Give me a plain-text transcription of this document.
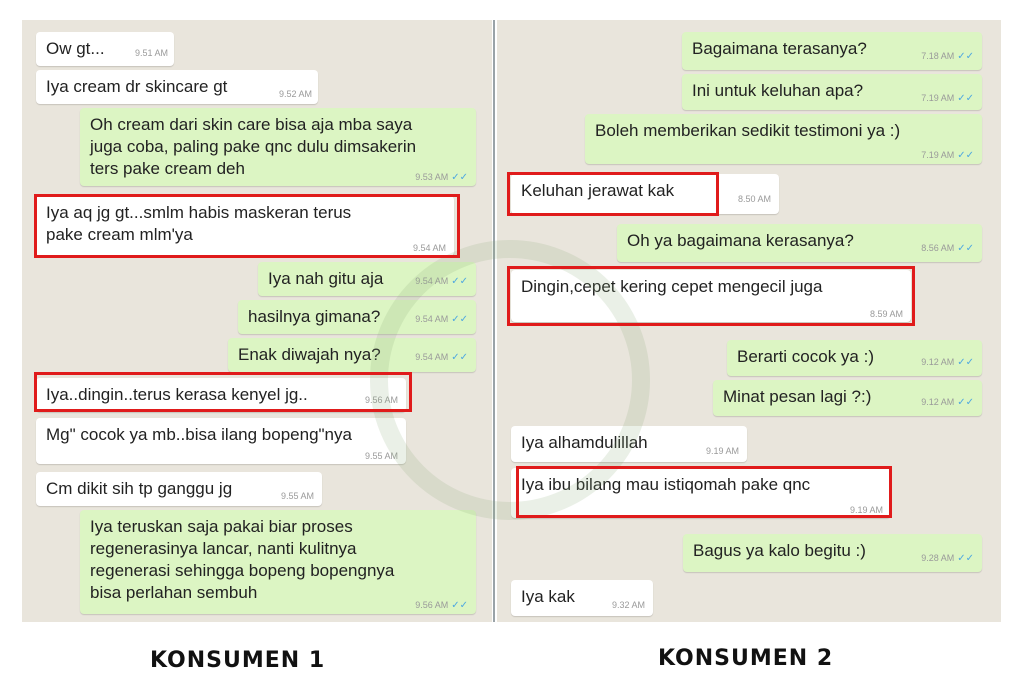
Ow gt...	9.51 AM
Iya cream dr skincare gt	9.52 AM
Oh cream dari skin care bisa aja mba saya
juga coba, paling pake qnc dulu dimsakerin
ters pake cream deh	9.53 AM ✓✓
Iya aq jg gt...smlm habis maskeran terus
pake cream mlm'ya
9.54 AM
Iya nah gitu aja	9.54 AM ✓✓
hasilnya gimana?	9.54 AM ✓✓
Enak diwajah nya?	9.54 AM ✓✓
Iya..dingin..terus kerasa kenyel jg..	9.56 AM
Mg" cocok ya mb..bisa ilang bopeng"nya
9.55 AM
Cm dikit sih tp ganggu jg	9.55 AM
Iya teruskan saja pakai biar proses
regenerasinya lancar, nanti kulitnya
regenerasi sehingga bopeng bopengnya
bisa perlahan sembuh
9.56 AM ✓✓
Bagaimana terasanya?	7.18 AM ✓✓
Ini untuk keluhan apa?	7.19 AM ✓✓
Boleh memberikan sedikit testimoni ya :)
7.19 AM ✓✓
Keluhan jerawat kak	8.50 AM
Oh ya bagaimana kerasanya?	8.56 AM ✓✓
Dingin,cepet kering cepet mengecil juga
8.59 AM
Berarti cocok ya :)	9.12 AM ✓✓
Minat pesan lagi ?:)	9.12 AM ✓✓
Iya alhamdulillah	9.19 AM
Iya ibu bilang mau istiqomah pake qnc
9.19 AM
Bagus ya kalo begitu :)	9.28 AM ✓✓
Iya kak	9.32 AM
KONSUMEN 1	KONSUMEN 2
